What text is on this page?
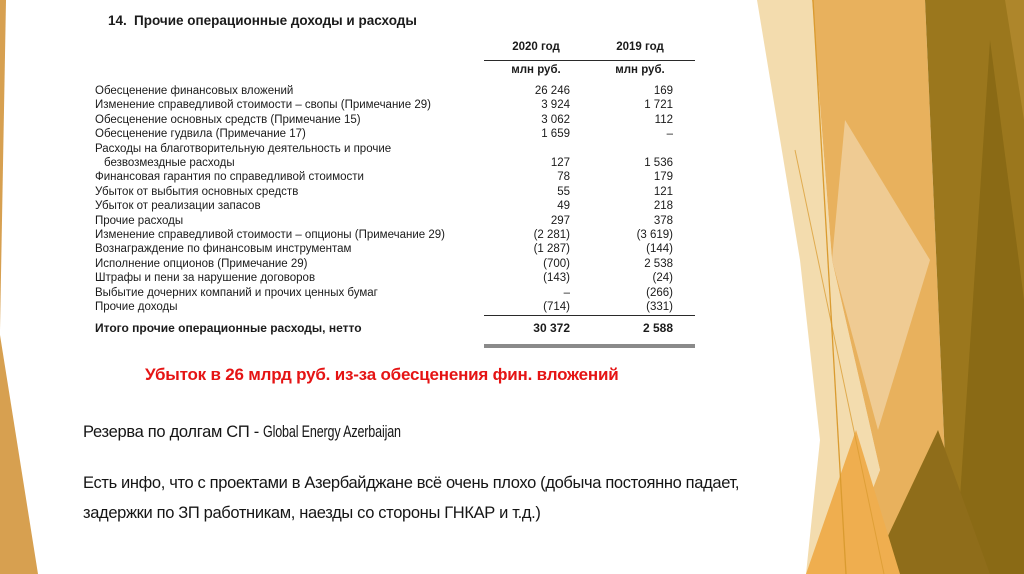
14. Прочие операционные доходы и расходы
2020 год	2019 год
млн руб.	млн руб.
Обесценение финансовых вложений	26 246	169
Изменение справедливой стоимости – свопы (Примечание 29)	3 924	1 721
Обесценение основных средств (Примечание 15)	3 062	112
Обесценение гудвила (Примечание 17)	1 659	–
Расходы на благотворительную деятельность и прочие
безвозмездные расходы	127	1 536
Финансовая гарантия по справедливой стоимости	78	179
Убыток от выбытия основных средств	55	121
Убыток от реализации запасов	49	218
Прочие расходы	297	378
Изменение справедливой стоимости – опционы (Примечание 29)	(2 281)	(3 619)
Вознаграждение по финансовым инструментам	(1 287)	(144)
Исполнение опционов (Примечание 29)	(700)	2 538
Штрафы и пени за нарушение договоров	(143)	(24)
Выбытие дочерних компаний и прочих ценных бумаг	–	(266)
Прочие доходы	(714)	(331)
Итого прочие операционные расходы, нетто	30 372	2 588
Убыток в 26 млрд руб. из-за обесценения фин. вложений
Резерва по долгам СП - Global Energy Azerbaijan
Есть инфо, что с проектами в Азербайджане всё очень плохо (добыча постоянно падает,
задержки по ЗП работникам, наезды со стороны ГНКАР и т.д.)
